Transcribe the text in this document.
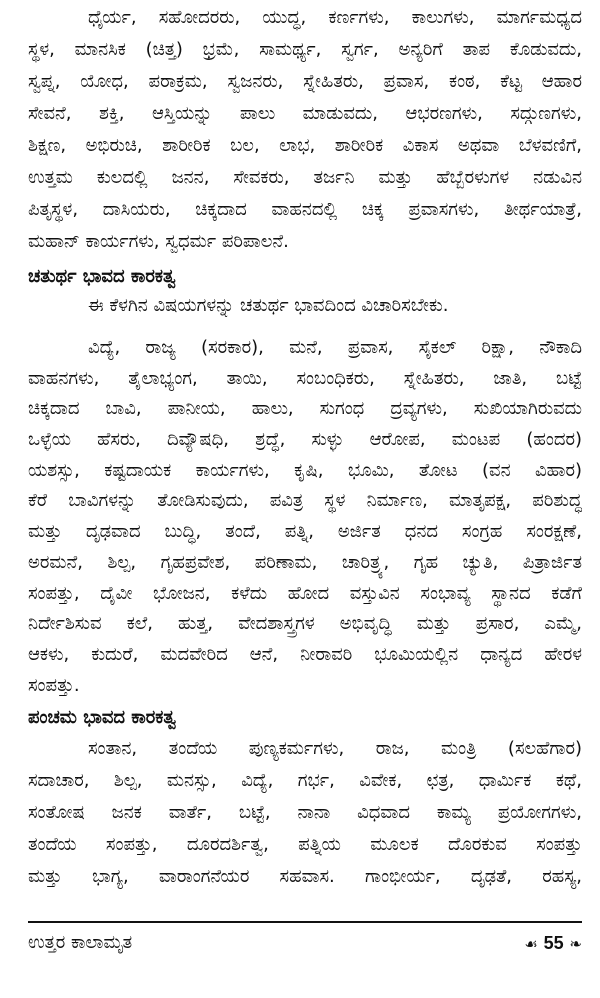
ಧೈರ್ಯ, ಸಹೋದರರು, ಯುದ್ಧ, ಕರ್ಣಗಳು, ಕಾಲುಗಳು, ಮಾರ್ಗಮಧ್ಯದ
ಸ್ಥಳ, ಮಾನಸಿಕ (ಚಿತ್ತ) ಭ್ರಮೆ, ಸಾಮರ್ಥ್ಯ, ಸ್ವರ್ಗ, ಅನ್ಯರಿಗೆ ತಾಪ ಕೊಡುವದು,
ಸ್ವಪ್ನ, ಯೋಧ, ಪರಾಕ್ರಮ, ಸ್ವಜನರು, ಸ್ನೇಹಿತರು, ಪ್ರವಾಸ, ಕಂಠ, ಕೆಟ್ಟ ಆಹಾರ
ಸೇವನೆ, ಶಕ್ತಿ, ಆಸ್ತಿಯನ್ನು ಪಾಲು ಮಾಡುವದು, ಆಭರಣಗಳು, ಸದ್ಗುಣಗಳು,
ಶಿಕ್ಷಣ, ಅಭಿರುಚಿ, ಶಾರೀರಿಕ ಬಲ, ಲಾಭ, ಶಾರೀರಿಕ ವಿಕಾಸ ಅಥವಾ ಬೆಳವಣಿಗೆ,
ಉತ್ತಮ ಕುಲದಲ್ಲಿ ಜನನ, ಸೇವಕರು, ತರ್ಜನಿ ಮತ್ತು ಹೆಬ್ಬೆರಳುಗಳ ನಡುವಿನ
ಪಿತೃಸ್ಥಳ, ದಾಸಿಯರು, ಚಿಕ್ಕದಾದ ವಾಹನದಲ್ಲಿ ಚಿಕ್ಕ ಪ್ರವಾಸಗಳು, ತೀರ್ಥಯಾತ್ರೆ,
ಮಹಾನ್ ಕಾರ್ಯಗಳು, ಸ್ವಧರ್ಮ ಪರಿಪಾಲನೆ.
ಚತುರ್ಥ ಭಾವದ ಕಾರಕತ್ವ
ಈ ಕೆಳಗಿನ ವಿಷಯಗಳನ್ನು ಚತುರ್ಥ ಭಾವದಿಂದ ವಿಚಾರಿಸಬೇಕು.
ವಿದ್ಯೆ, ರಾಜ್ಯ (ಸರಕಾರ), ಮನೆ, ಪ್ರವಾಸ, ಸೈಕಲ್ ರಿಕ್ಷಾ, ನೌಕಾದಿ
ವಾಹನಗಳು, ತೈಲಾಭ್ಯಂಗ, ತಾಯಿ, ಸಂಬಂಧಿಕರು, ಸ್ನೇಹಿತರು, ಜಾತಿ, ಬಟ್ಟೆ
ಚಿಕ್ಕದಾದ ಬಾವಿ, ಪಾನೀಯ, ಹಾಲು, ಸುಗಂಧ ದ್ರವ್ಯಗಳು, ಸುಖಿಯಾಗಿರುವದು
ಒಳ್ಳೆಯ ಹೆಸರು, ದಿವ್ಯೌಷಧಿ, ಶ್ರದ್ಧೆ, ಸುಳ್ಳು ಆರೋಪ, ಮಂಟಪ (ಹಂದರ)
ಯಶಸ್ಸು, ಕಷ್ಟದಾಯಕ ಕಾರ್ಯಗಳು, ಕೃಷಿ, ಭೂಮಿ, ತೋಟ (ವನ ವಿಹಾರ)
ಕೆರೆ ಬಾವಿಗಳನ್ನು ತೋಡಿಸುವುದು, ಪವಿತ್ರ ಸ್ಥಳ ನಿರ್ಮಾಣ, ಮಾತೃಪಕ್ಷ, ಪರಿಶುದ್ಧ
ಮತ್ತು ದೃಢವಾದ ಬುದ್ಧಿ, ತಂದೆ, ಪತ್ನಿ, ಅರ್ಜಿತ ಧನದ ಸಂಗ್ರಹ ಸಂರಕ್ಷಣೆ,
ಅರಮನೆ, ಶಿಲ್ಪ, ಗೃಹಪ್ರವೇಶ, ಪರಿಣಾಮ, ಚಾರಿತ್ರ್ಯ, ಗೃಹ ಚ್ಯುತಿ, ಪಿತ್ರಾರ್ಜಿತ
ಸಂಪತ್ತು, ದೈವೀ ಭೋಜನ, ಕಳೆದು ಹೋದ ವಸ್ತುವಿನ ಸಂಭಾವ್ಯ ಸ್ಥಾನದ ಕಡೆಗೆ
ನಿರ್ದೇಶಿಸುವ ಕಲೆ, ಹುತ್ತ, ವೇದಶಾಸ್ತ್ರಗಳ ಅಭಿವೃದ್ಧಿ ಮತ್ತು ಪ್ರಸಾರ, ಎಮ್ಮೆ,
ಆಕಳು, ಕುದುರೆ, ಮದವೇರಿದ ಆನೆ, ನೀರಾವರಿ ಭೂಮಿಯಲ್ಲಿನ ಧಾನ್ಯದ ಹೇರಳ
ಸಂಪತ್ತು.
ಪಂಚಮ ಭಾವದ ಕಾರಕತ್ವ
ಸಂತಾನ, ತಂದೆಯ ಪುಣ್ಯಕರ್ಮಗಳು, ರಾಜ, ಮಂತ್ರಿ (ಸಲಹೆಗಾರ)
ಸದಾಚಾರ, ಶಿಲ್ಪ, ಮನಸ್ಸು, ವಿದ್ಯೆ, ಗರ್ಭ, ವಿವೇಕ, ಛತ್ರ, ಧಾರ್ಮಿಕ ಕಥೆ,
ಸಂತೋಷ ಜನಕ ವಾರ್ತೆ, ಬಟ್ಟೆ, ನಾನಾ ವಿಧವಾದ ಕಾಮ್ಯ ಪ್ರಯೋಗಗಳು,
ತಂದೆಯ ಸಂಪತ್ತು, ದೂರದರ್ಶಿತ್ವ, ಪತ್ನಿಯ ಮೂಲಕ ದೊರಕುವ ಸಂಪತ್ತು
ಮತ್ತು ಭಾಗ್ಯ, ವಾರಾಂಗನೆಯರ ಸಹವಾಸ. ಗಾಂಭೀರ್ಯ, ದೃಢತೆ, ರಹಸ್ಯ,
ಉತ್ತರ ಕಾಲಾಮೃತ	☙ 55 ❧
